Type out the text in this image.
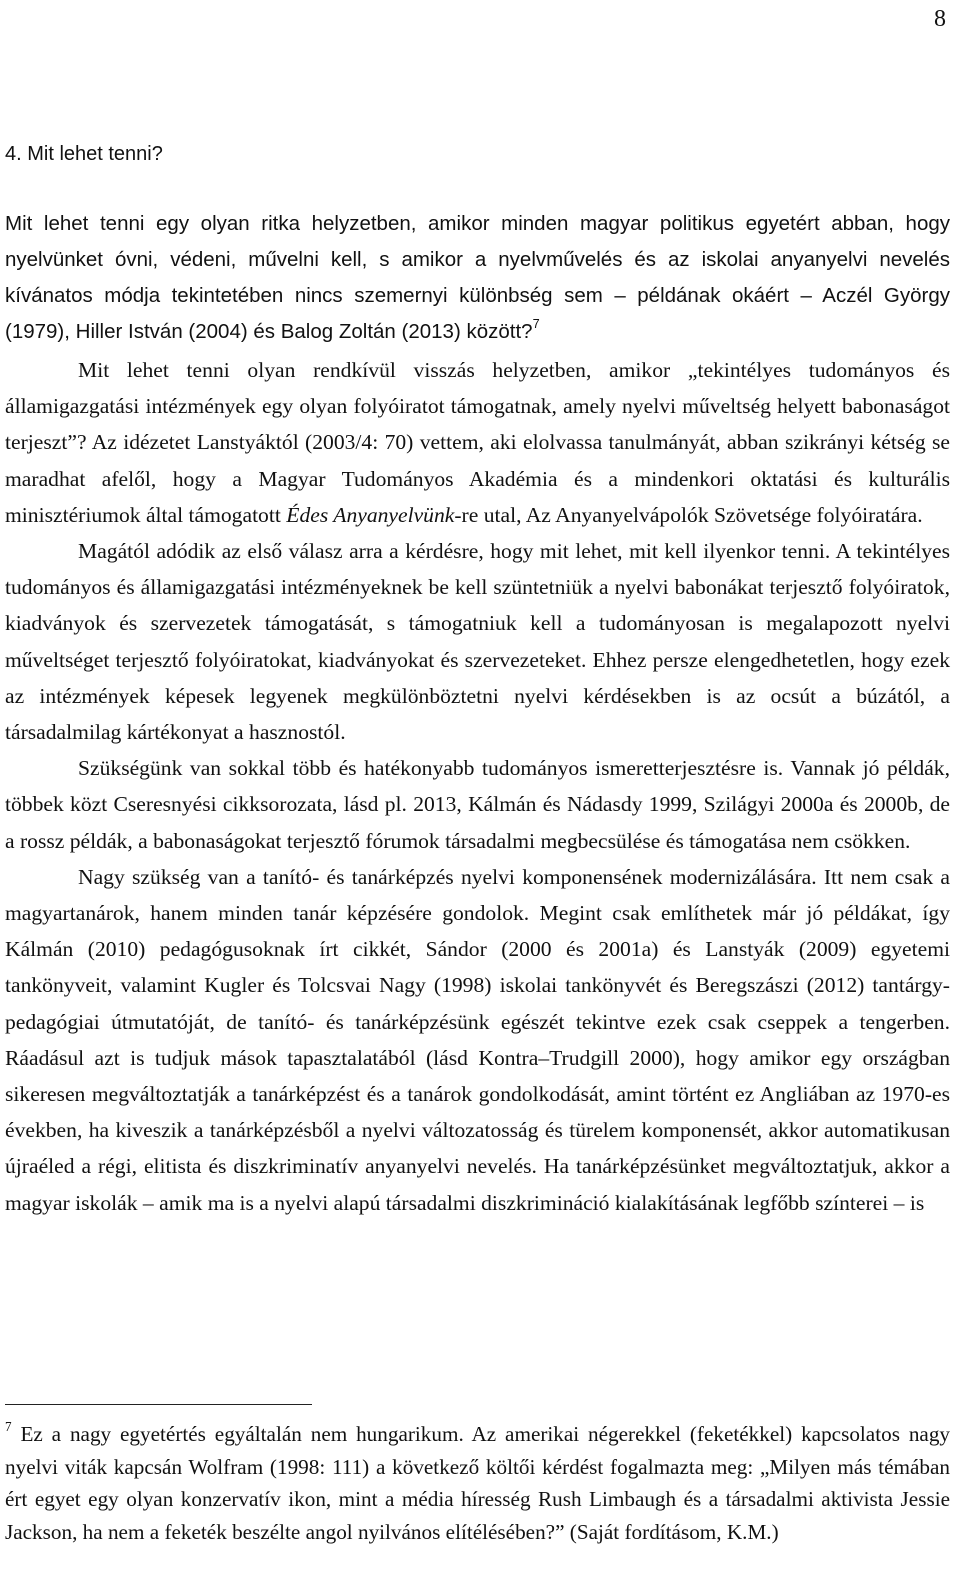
8
4. Mit lehet tenni?
Mit lehet tenni egy olyan ritka helyzetben, amikor minden magyar politikus egyetért abban, hogy nyelvünket óvni, védeni, művelni kell, s amikor a nyelvművelés és az iskolai anyanyelvi nevelés kívánatos módja tekintetében nincs szemernyi különbség sem – példának okáért – Aczél György (1979), Hiller István (2004) és Balog Zoltán (2013) között?$^7$

Mit lehet tenni olyan rendkívül visszás helyzetben, amikor „tekintélyes tudományos és államigazgatási intézmények egy olyan folyóiratot támogatnak, amely nyelvi műveltség helyett babonaságot terjeszt”? Az idézetet Lanstyáktól (2003/4: 70) vettem, aki elolvassa tanulmányát, abban szikrányi kétség se maradhat afelől, hogy a Magyar Tudományos Akadémia és a mindenkori oktatási és kulturális minisztériumok által támogatott Édes Anyanyelvünk-re utal, Az Anyanyelvápolók Szövetsége folyóiratára.

Magától adódik az első válasz arra a kérdésre, hogy mit lehet, mit kell ilyenkor tenni. A tekintélyes tudományos és államigazgatási intézményeknek be kell szüntetniük a nyelvi babonákat terjesztő folyóiratok, kiadványok és szervezetek támogatását, s támogatniuk kell a tudományosan is megalapozott nyelvi műveltséget terjesztő folyóiratokat, kiadványokat és szervezeteket. Ehhez persze elengedhetetlen, hogy ezek az intézmények képesek legyenek megkülönböztetni nyelvi kérdésekben is az ocsút a búzától, a társadalmilag kártékonyat a hasznostól.

Szükségünk van sokkal több és hatékonyabb tudományos ismeretterjesztésre is. Vannak jó példák, többek közt Cseresnyési cikksorozata, lásd pl. 2013, Kálmán és Nádasdy 1999, Szilágyi 2000a és 2000b, de a rossz példák, a babonaságokat terjesztő fórumok társadalmi megbecsülése és támogatása nem csökken.

Nagy szükség van a tanító- és tanárképzés nyelvi komponensének modernizálására. Itt nem csak a magyartanárok, hanem minden tanár képzésére gondolok. Megint csak említhetek már jó példákat, így Kálmán (2010) pedagógusoknak írt cikkét, Sándor (2000 és 2001a) és Lanstyák (2009) egyetemi tankönyveit, valamint Kugler és Tolcsvai Nagy (1998) iskolai tankönyvét és Beregszászi (2012) tantárgy-pedagógiai útmutatóját, de tanító- és tanárképzésünk egészét tekintve ezek csak cseppek a tengerben. Ráadásul azt is tudjuk mások tapasztalatából (lásd Kontra–Trudgill 2000), hogy amikor egy országban sikeresen megváltoztatják a tanárképzést és a tanárok gondolkodását, amint történt ez Angliában az 1970-es években, ha kiveszik a tanárképzésből a nyelvi változatosság és türelem komponensét, akkor automatikusan újraéled a régi, elitista és diszkriminatív anyanyelvi nevelés. Ha tanárképzésünket megváltoztatjuk, akkor a magyar iskolák – amik ma is a nyelvi alapú társadalmi diszkrimináció kialakításának legfőbb színterei – is

$^7$ Ez a nagy egyetértés egyáltalán nem hungarikum. Az amerikai négerekkel (feketékkel) kapcsolatos nagy nyelvi viták kapcsán Wolfram (1998: 111) a következő költői kérdést fogalmazta meg: „Milyen más témában ért egyet egy olyan konzervatív ikon, mint a média híresség Rush Limbaugh és a társadalmi aktivista Jessie Jackson, ha nem a feketék beszélte angol nyilvános elítélésében?” (Saját fordításom, K.M.)
